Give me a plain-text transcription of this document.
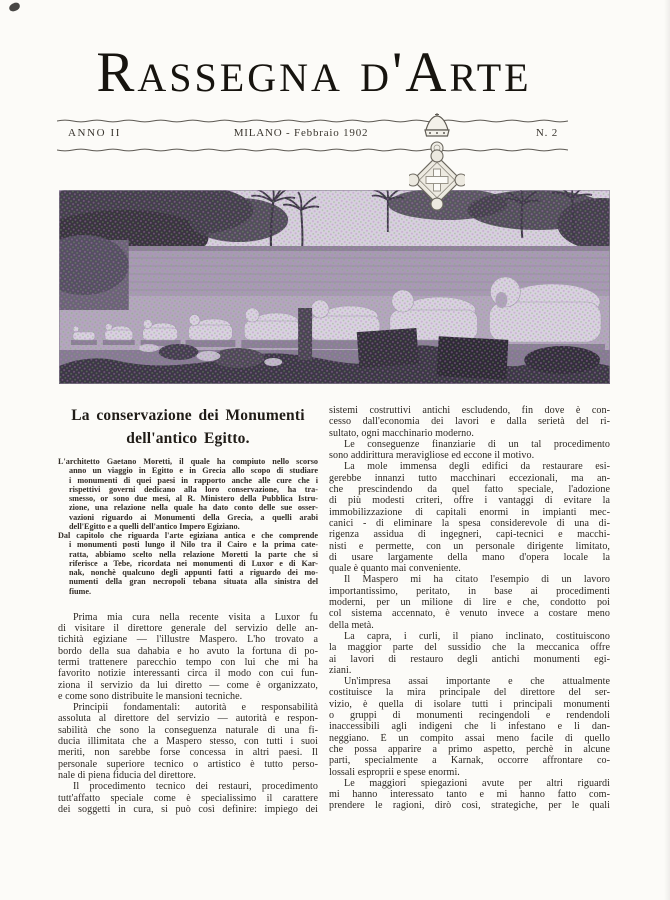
Rassegna d'Arte
ANNO II	MILANO - Febbraio 1902	N. 2
La conservazione dei Monumenti
dell'antico Egitto.
L'architetto Gaetano Moretti, il quale ha compiuto nello scorso
anno un viaggio in Egitto e in Grecia allo scopo di studiare
i monumenti di quei paesi in rapporto anche alle cure che i
rispettivi governi dedicano alla loro conservazione, ha tra-
smesso, or sono due mesi, al R. Ministero della Pubblica Istru-
zione, una relazione nella quale ha dato conto delle sue osser-
vazioni riguardo ai Monumenti della Grecia, a quelli arabi
dell'Egitto e a quelli dell'antico Impero Egiziano.
Dal capitolo che riguarda l'arte egiziana antica e che comprende
i monumenti posti lungo il Nilo tra il Cairo e la prima cate-
ratta, abbiamo scelto nella relazione Moretti la parte che si
riferisce a Tebe, ricordata nei monumenti di Luxor e di Kar-
nak, nonchè qualcuno degli appunti fatti a riguardo dei mo-
numenti della gran necropoli tebana situata alla sinistra del
fiume.
Prima mia cura nella recente visita a Luxor fu
di visitare il direttore generale del servizio delle an-
tichità egiziane — l'illustre Maspero. L'ho trovato a
bordo della sua dahabia e ho avuto la fortuna di po-
termi trattenere parecchio tempo con lui che mi ha
favorito notizie interessanti circa il modo con cui fun-
ziona il servizio da lui diretto — come è organizzato,
e come sono distribuite le mansioni tecniche.
Principii fondamentali: autorità e responsabilità
assoluta al direttore del servizio — autorità e respon-
sabilità che sono la conseguenza naturale di una fi-
ducia illimitata che a Maspero stesso, con tutti i suoi
meriti, non sarebbe forse concessa in altri paesi. Il
personale superiore tecnico o artistico è tutto perso-
nale di piena fiducia del direttore.
Il procedimento tecnico dei restauri, procedimento
tutt'affatto speciale come è specialissimo il carattere
dei soggetti in cura, si può così definire: impiego dei
sistemi costruttivi antichi escludendo, fin dove è con-
cesso dall'economia dei lavori e dalla serietà del ri-
sultato, ogni macchinario moderno.
Le conseguenze finanziarie di un tal procedimento
sono addirittura meravigliose ed eccone il motivo.
La mole immensa degli edifici da restaurare esi-
gerebbe innanzi tutto macchinari eccezionali, ma an-
che prescindendo da quel fatto speciale, l'adozione
di più modesti criteri, offre i vantaggi di evitare la
immobilizzazione di capitali enormi in impianti mec-
canici - di eliminare la spesa considerevole di una di-
rigenza assidua di ingegneri, capi-tecnici e macchi-
nisti e permette, con un personale dirigente limitato,
di usare largamente della mano d'opera locale la
quale è quanto mai conveniente.
Il Maspero mi ha citato l'esempio di un lavoro
importantissimo, peritato, in base ai procedimenti
moderni, per un milione di lire e che, condotto poi
col sistema accennato, è venuto invece a costare meno
della metà.
La capra, i curli, il piano inclinato, costituiscono
la maggior parte del sussidio che la meccanica offre
ai lavori di restauro degli antichi monumenti egi-
ziani.
Un'impresa assai importante e che attualmente
costituisce la mira principale del direttore del ser-
vizio, è quella di isolare tutti i principali monumenti
o gruppi di monumenti recingendoli e rendendoli
inaccessibili agli indigeni che li infestano e li dan-
neggiano. È un compito assai meno facile di quello
che possa apparire a primo aspetto, perchè in alcune
parti, specialmente a Karnak, occorre affrontare co-
lossali esproprii e spese enormi.
Le maggiori spiegazioni avute per altri riguardi
mi hanno interessato tanto e mi hanno fatto com-
prendere le ragioni, dirò così, strategiche, per le quali
